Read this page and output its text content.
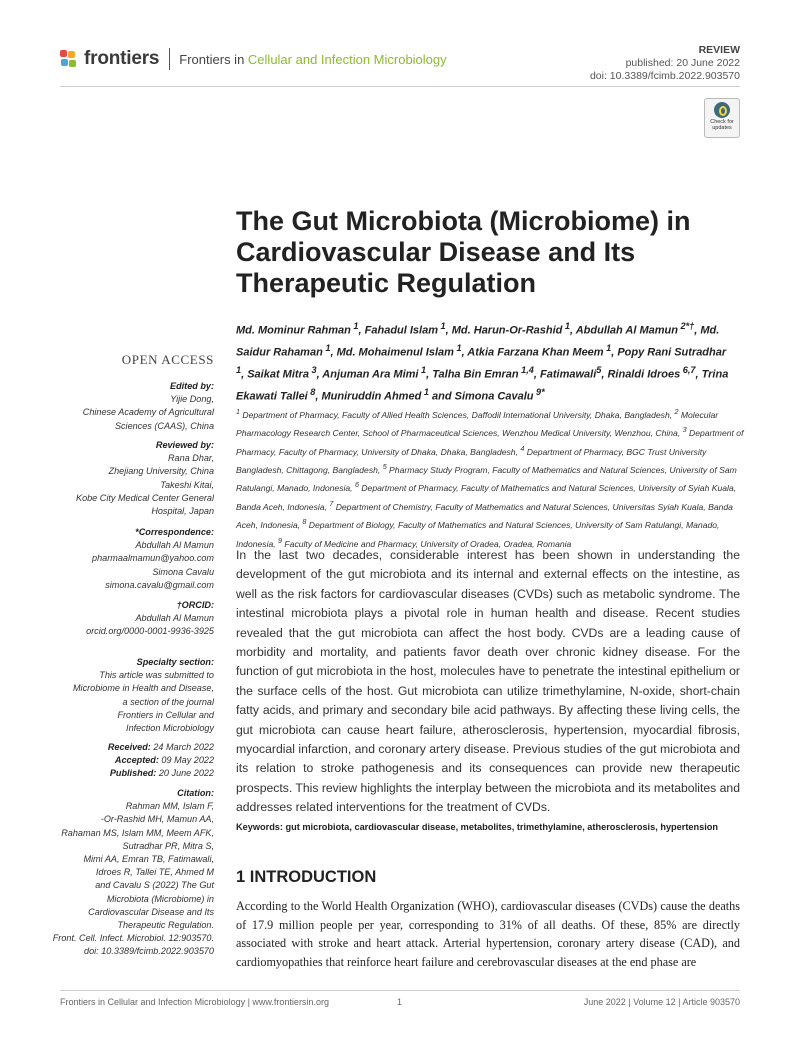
frontiers Frontiers in Cellular and Infection Microbiology
REVIEW
published: 20 June 2022
doi: 10.3389/fcimb.2022.903570
Check for updates
The Gut Microbiota (Microbiome) in Cardiovascular Disease and Its Therapeutic Regulation
Md. Mominur Rahman $^1$, Fahadul Islam $^1$, Md. Harun-Or-Rashid $^1$, Abdullah Al Mamun $^{2*\dagger}$, Md. Saidur Rahaman $^1$, Md. Mohaimenul Islam $^1$, Atkia Farzana Khan Meem $^1$, Popy Rani Sutradhar $^1$, Saikat Mitra $^3$, Anjuman Ara Mimi $^1$, Talha Bin Emran $^{1,4}$, Fatimawali$^5$, Rinaldi Idroes $^{6,7}$, Trina Ekawati Tallei $^8$, Muniruddin Ahmed $^1$ and Simona Cavalu $^{9*}$
$^1$ Department of Pharmacy, Faculty of Allied Health Sciences, Daffodil International University, Dhaka, Bangladesh, $^2$ Molecular Pharmacology Research Center, School of Pharmaceutical Sciences, Wenzhou Medical University, Wenzhou, China, $^3$ Department of Pharmacy, Faculty of Pharmacy, University of Dhaka, Dhaka, Bangladesh, $^4$ Department of Pharmacy, BGC Trust University Bangladesh, Chittagong, Bangladesh, $^5$ Pharmacy Study Program, Faculty of Mathematics and Natural Sciences, University of Sam Ratulangi, Manado, Indonesia, $^6$ Department of Pharmacy, Faculty of Mathematics and Natural Sciences, University of Syiah Kuala, Banda Aceh, Indonesia, $^7$ Department of Chemistry, Faculty of Mathematics and Natural Sciences, Universitas Syiah Kuala, Banda Aceh, Indonesia, $^8$ Department of Biology, Faculty of Mathematics and Natural Sciences, University of Sam Ratulangi, Manado, Indonesia, $^9$ Faculty of Medicine and Pharmacy, University of Oradea, Oradea, Romania
In the last two decades, considerable interest has been shown in understanding the development of the gut microbiota and its internal and external effects on the intestine, as well as the risk factors for cardiovascular diseases (CVDs) such as metabolic syndrome. The intestinal microbiota plays a pivotal role in human health and disease. Recent studies revealed that the gut microbiota can affect the host body. CVDs are a leading cause of morbidity and mortality, and patients favor death over chronic kidney disease. For the function of gut microbiota in the host, molecules have to penetrate the intestinal epithelium or the surface cells of the host. Gut microbiota can utilize trimethylamine, N-oxide, short-chain fatty acids, and primary and secondary bile acid pathways. By affecting these living cells, the gut microbiota can cause heart failure, atherosclerosis, hypertension, myocardial fibrosis, myocardial infarction, and coronary artery disease. Previous studies of the gut microbiota and its relation to stroke pathogenesis and its consequences can provide new therapeutic prospects. This review highlights the interplay between the microbiota and its metabolites and addresses related interventions for the treatment of CVDs.
Keywords: gut microbiota, cardiovascular disease, metabolites, trimethylamine, atherosclerosis, hypertension
1 INTRODUCTION
According to the World Health Organization (WHO), cardiovascular diseases (CVDs) cause the deaths of 17.9 million people per year, corresponding to 31% of all deaths. Of these, 85% are directly associated with stroke and heart attack. Arterial hypertension, coronary artery disease (CAD), and cardiomyopathies that reinforce heart failure and cerebrovascular diseases at the end phase are
OPEN ACCESS
Edited by:
Yijie Dong,
Chinese Academy of Agricultural
Sciences (CAAS), China
Reviewed by:
Rana Dhar,
Zhejiang University, China
Takeshi Kitai,
Kobe City Medical Center General
Hospital, Japan
*Correspondence:
Abdullah Al Mamun
pharmaalmamun@yahoo.com
Simona Cavalu
simona.cavalu@gmail.com
†ORCID:
Abdullah Al Mamun
orcid.org/0000-0001-9936-3925
Specialty section:
This article was submitted to
Microbiome in Health and Disease,
a section of the journal
Frontiers in Cellular and
Infection Microbiology
Received: 24 March 2022
Accepted: 09 May 2022
Published: 20 June 2022
Citation:
Rahman MM, Islam F,
-Or-Rashid MH, Mamun AA,
Rahaman MS, Islam MM, Meem AFK,
Sutradhar PR, Mitra S,
Mimi AA, Emran TB, Fatimawali,
Idroes R, Tallei TE, Ahmed M
and Cavalu S (2022) The Gut
Microbiota (Microbiome) in
Cardiovascular Disease and Its
Therapeutic Regulation.
Front. Cell. Infect. Microbiol. 12:903570.
doi: 10.3389/fcimb.2022.903570
Frontiers in Cellular and Infection Microbiology | www.frontiersin.org	1	June 2022 | Volume 12 | Article 903570
